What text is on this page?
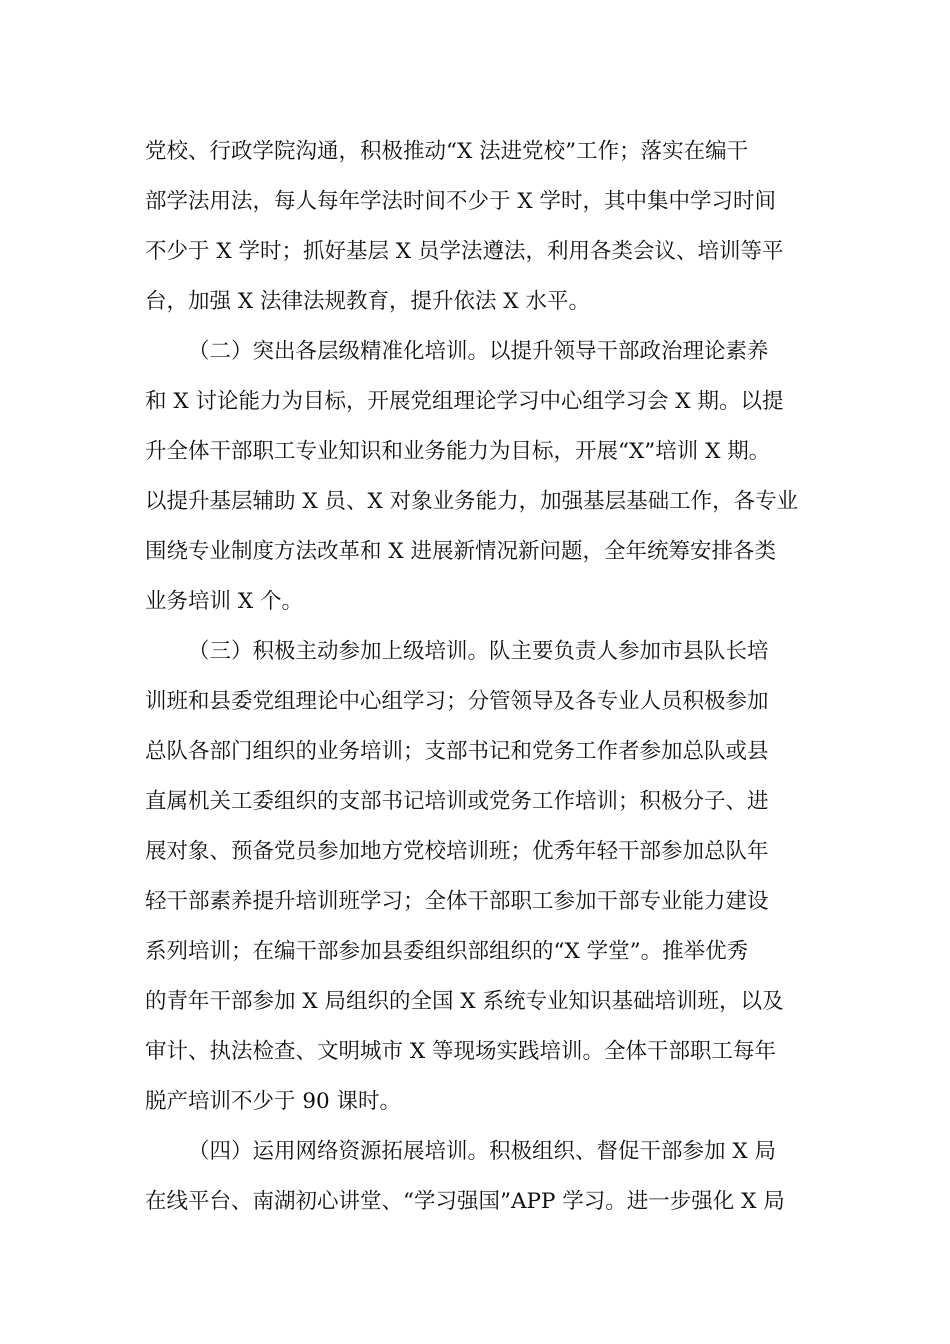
党校、行政学院沟通，积极推动“X 法进党校”工作；落实在编干
部学法用法，每人每年学法时间不少于 X 学时，其中集中学习时间
不少于 X 学时；抓好基层 X 员学法遵法，利用各类会议、培训等平
台，加强 X 法律法规教育，提升依法 X 水平。
（二）突出各层级精准化培训。以提升领导干部政治理论素养
和 X 讨论能力为目标，开展党组理论学习中心组学习会 X 期。以提
升全体干部职工专业知识和业务能力为目标，开展“X”培训 X 期。
以提升基层辅助 X 员、X 对象业务能力，加强基层基础工作，各专业
围绕专业制度方法改革和 X 进展新情况新问题，全年统筹安排各类
业务培训 X 个。
（三）积极主动参加上级培训。队主要负责人参加市县队长培
训班和县委党组理论中心组学习；分管领导及各专业人员积极参加
总队各部门组织的业务培训；支部书记和党务工作者参加总队或县
直属机关工委组织的支部书记培训或党务工作培训；积极分子、进
展对象、预备党员参加地方党校培训班；优秀年轻干部参加总队年
轻干部素养提升培训班学习；全体干部职工参加干部专业能力建设
系列培训；在编干部参加县委组织部组织的“X 学堂”。推举优秀
的青年干部参加 X 局组织的全国 X 系统专业知识基础培训班，以及
审计、执法检查、文明城市 X 等现场实践培训。全体干部职工每年
脱产培训不少于 90 课时。
（四）运用网络资源拓展培训。积极组织、督促干部参加 X 局
在线平台、南湖初心讲堂、“学习强国”APP 学习。进一步强化 X 局
